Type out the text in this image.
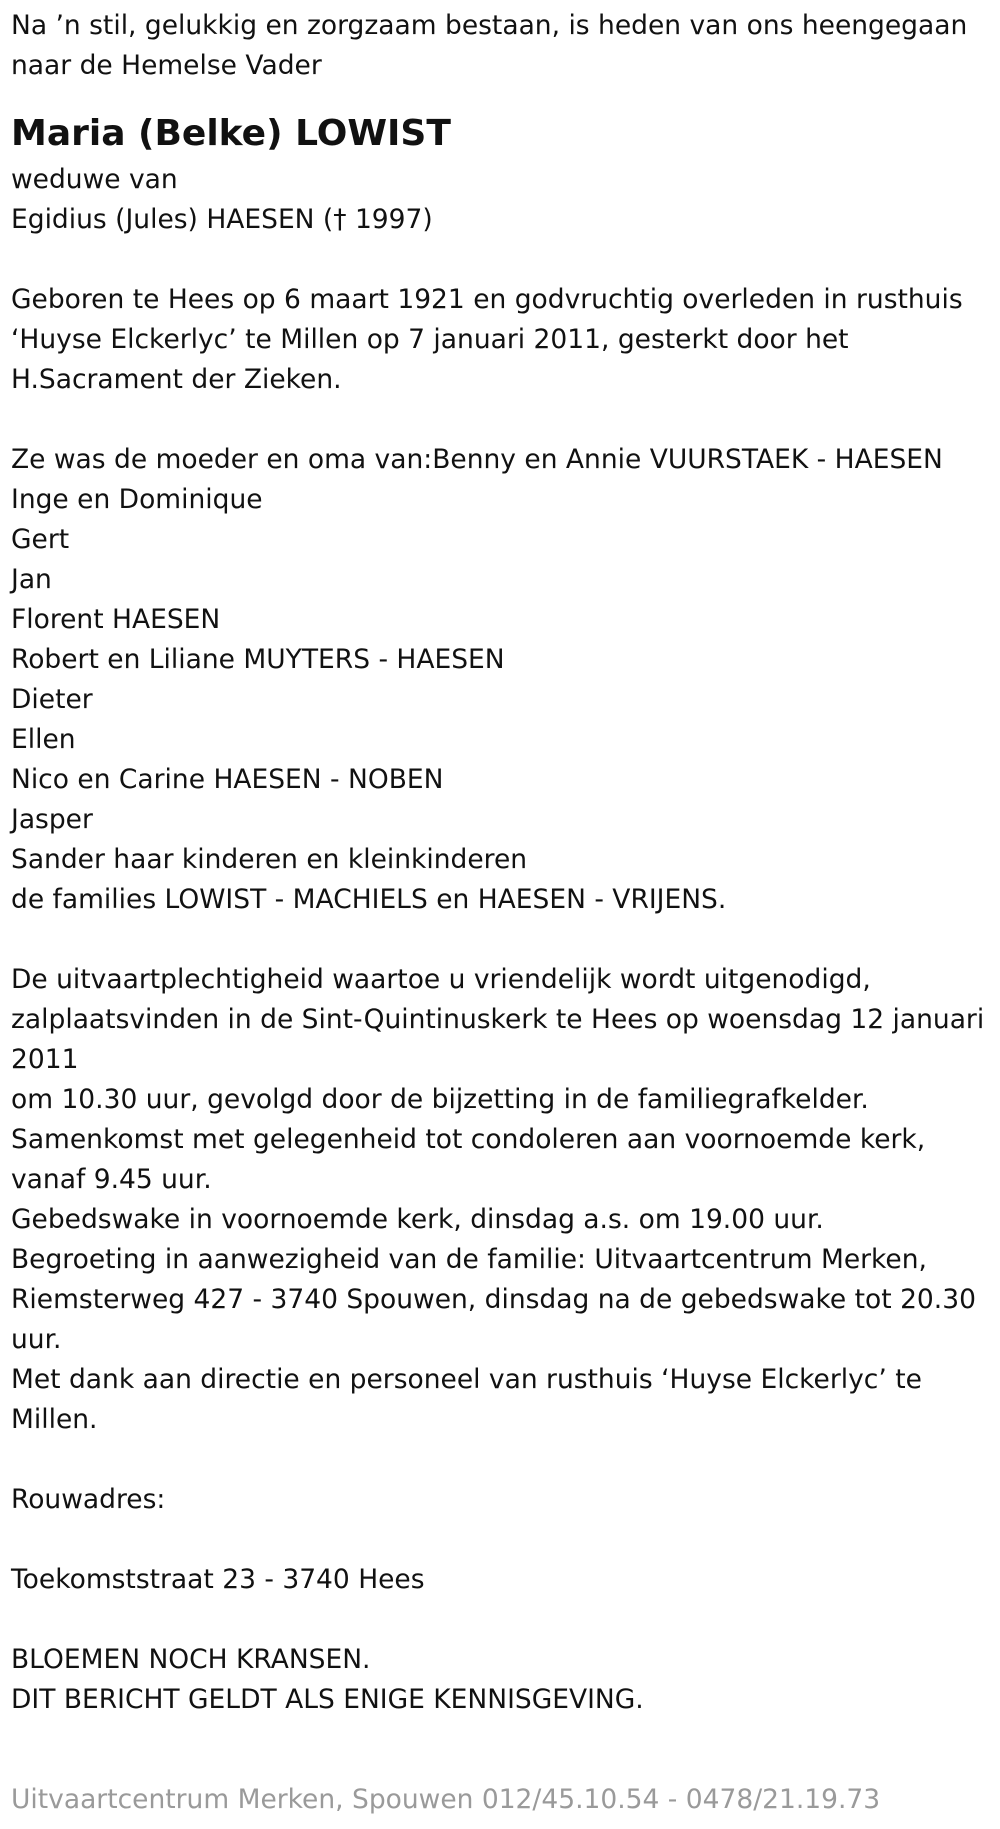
Na ’n stil, gelukkig en zorgzaam bestaan, is heden van ons heengegaan
naar de Hemelse Vader
Maria (Belke) LOWIST
weduwe van
Egidius (Jules) HAESEN († 1997)
Geboren te Hees op 6 maart 1921 en godvruchtig overleden in rusthuis
‘Huyse Elckerlyc’ te Millen op 7 januari 2011, gesterkt door het
H.Sacrament der Zieken.
Ze was de moeder en oma van:Benny en Annie VUURSTAEK - HAESEN
Inge en Dominique
Gert
Jan
Florent HAESEN
Robert en Liliane MUYTERS - HAESEN
Dieter
Ellen
Nico en Carine HAESEN - NOBEN
Jasper
Sander haar kinderen en kleinkinderen
de families LOWIST - MACHIELS en HAESEN - VRIJENS.
De uitvaartplechtigheid waartoe u vriendelijk wordt uitgenodigd,
zalplaatsvinden in de Sint-Quintinuskerk te Hees op woensdag 12 januari
2011
om 10.30 uur, gevolgd door de bijzetting in de familiegrafkelder.
Samenkomst met gelegenheid tot condoleren aan voornoemde kerk,
vanaf 9.45 uur.
Gebedswake in voornoemde kerk, dinsdag a.s. om 19.00 uur.
Begroeting in aanwezigheid van de familie: Uitvaartcentrum Merken,
Riemsterweg 427 - 3740 Spouwen, dinsdag na de gebedswake tot 20.30
uur.
Met dank aan directie en personeel van rusthuis ‘Huyse Elckerlyc’ te
Millen.
Rouwadres:
Toekomststraat 23 - 3740 Hees
BLOEMEN NOCH KRANSEN.
DIT BERICHT GELDT ALS ENIGE KENNISGEVING.
Uitvaartcentrum Merken, Spouwen 012/45.10.54 - 0478/21.19.73
